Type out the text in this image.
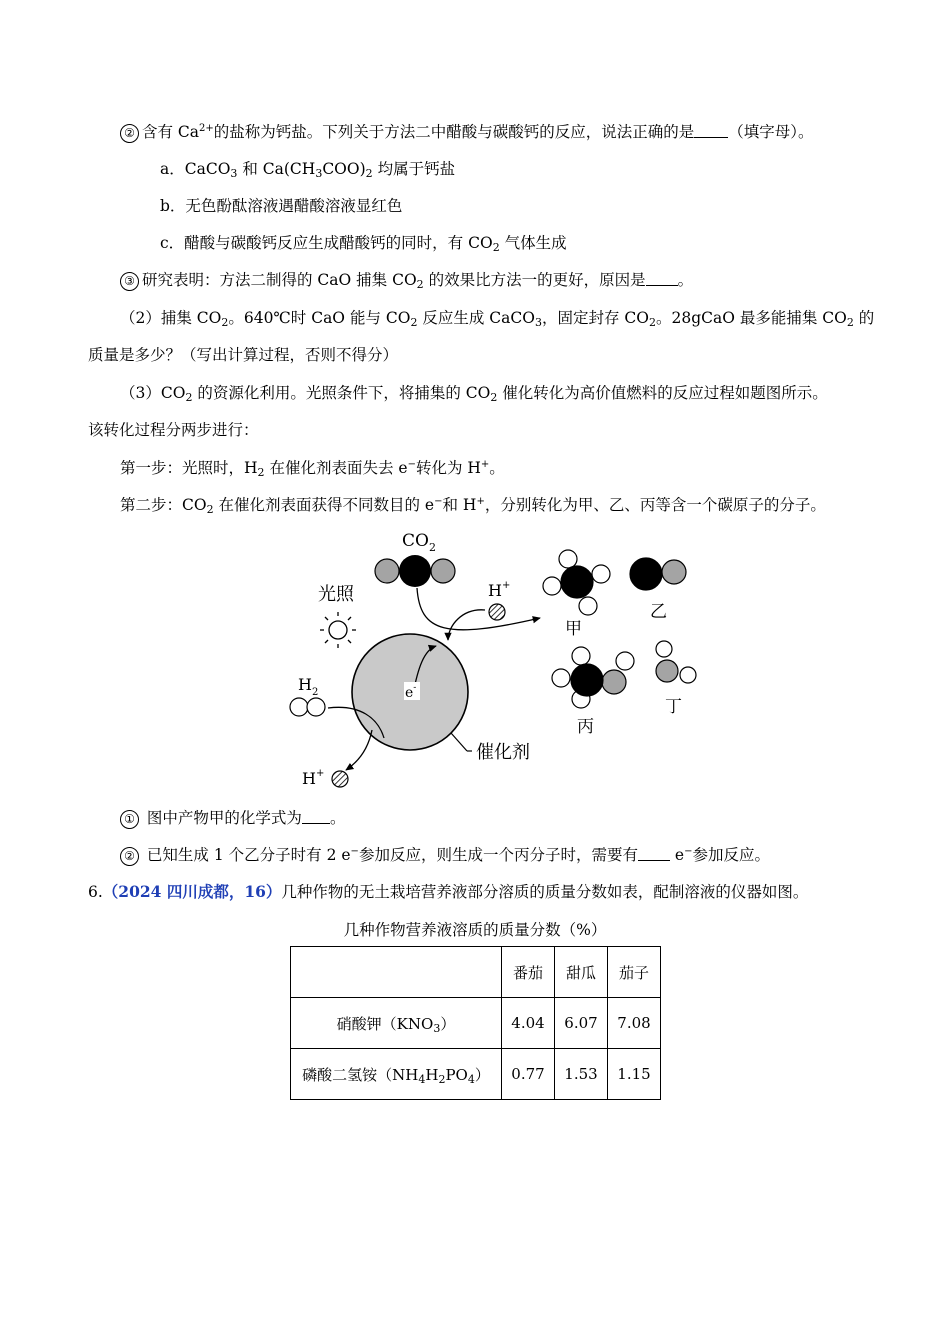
② 含有 $Ca^{2+}$的盐称为钙盐。下列关于方法二中醋酸与碳酸钙的反应，说法正确的是 （填字母）。
a．CaCO$_3$ 和 $Ca(CH_3COO)_2$ 均属于钙盐
b．无色酚酞溶液遇醋酸溶液显红色
c．醋酸与碳酸钙反应生成醋酸钙的同时，有 $CO_2$ 气体生成
③ 研究表明：方法二制得的 CaO 捕集 $CO_2$ 的效果比方法一的更好，原因是 。
（2）捕集 $CO_2$。640℃时 CaO 能与 $CO_2$ 反应生成 CaCO$_3$，固定封存 $CO_2$。28gCaO 最多能捕集 $CO_2$ 的
质量是多少？（写出计算过程，否则不得分）
$(3)CO_2$ 的资源化利用。光照条件下，将捕集的 $CO_2$ 催化转化为高价值燃料的反应过程如题图所示。
该转化过程分两步进行：
第一步：光照时，$H_2$ 在催化剂表面失去 e−转化为 H+。
第二步：$CO_2$ 在催化剂表面获得不同数目的 e−和 H+，分别转化为甲、乙、丙等含一个碳原子的分子。
催化剂
$CO_2$
光照	H+
e-
$H_2$
H+
甲
乙
丙
丁
① 图中产物甲的化学式为 。
② 已知生成 1 个乙分子时有 2 e−参加反应，则生成一个丙分子时，需要有 e−参加反应。
6.（2024 四川成都，16）几种作物的无土栽培营养液部分溶质的质量分数如表，配制溶液的仪器如图。
几种作物营养液溶质的质量分数（%）
	番茄	甜瓜	茄子
硝酸钾$(KNO_3)$	4.04	6.07	7.08
磷酸二氢铵$(NH_4H_2PO_4)$	0.77	1.53	1.15
